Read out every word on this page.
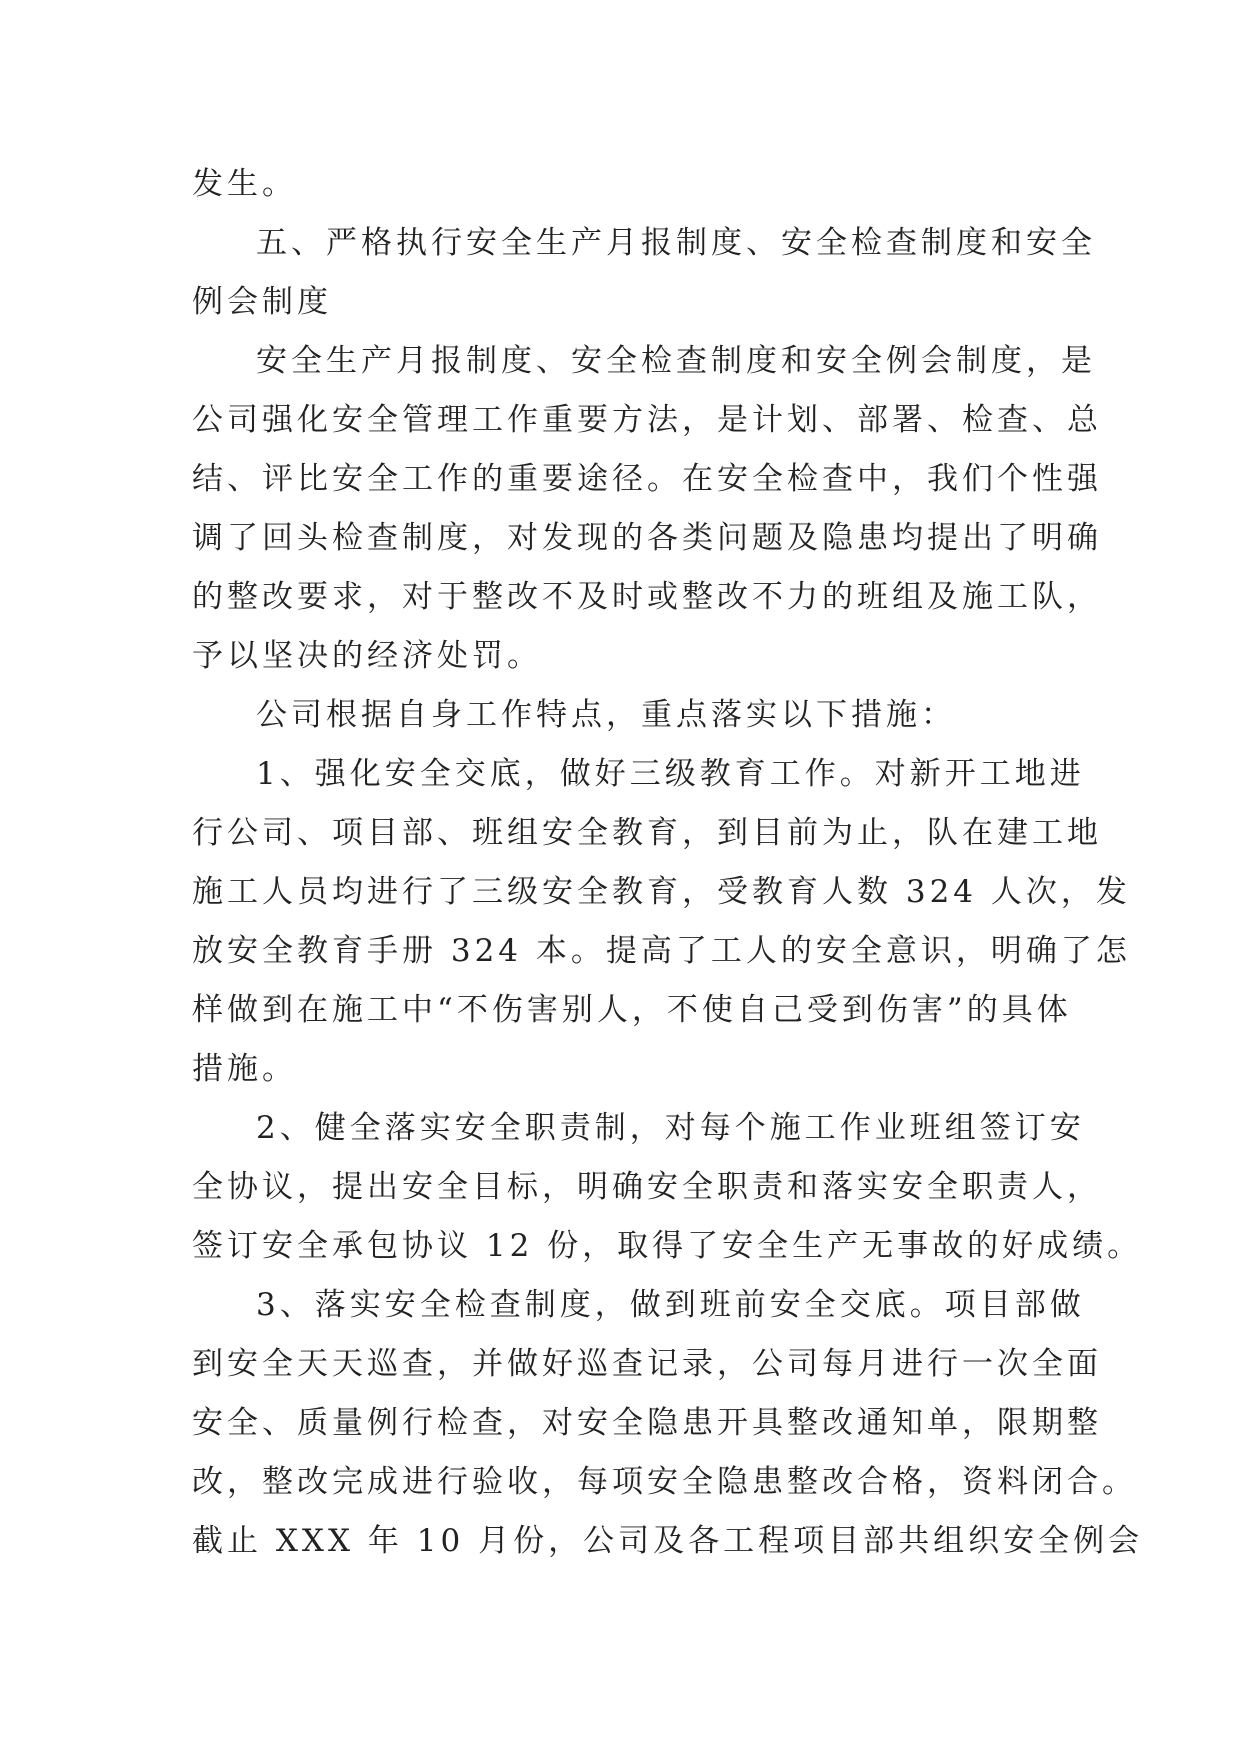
发生。
五、严格执行安全生产月报制度、安全检查制度和安全
例会制度
安全生产月报制度、安全检查制度和安全例会制度，是
公司强化安全管理工作重要方法，是计划、部署、检查、总
结、评比安全工作的重要途径。在安全检查中，我们个性强
调了回头检查制度，对发现的各类问题及隐患均提出了明确
的整改要求，对于整改不及时或整改不力的班组及施工队，
予以坚决的经济处罚。
公司根据自身工作特点，重点落实以下措施：
1、强化安全交底，做好三级教育工作。对新开工地进
行公司、项目部、班组安全教育，到目前为止，队在建工地
施工人员均进行了三级安全教育，受教育人数 324 人次，发
放安全教育手册 324 本。提高了工人的安全意识，明确了怎
样做到在施工中“不伤害别人，不使自己受到伤害”的具体
措施。
2、健全落实安全职责制，对每个施工作业班组签订安
全协议，提出安全目标，明确安全职责和落实安全职责人，
签订安全承包协议 12 份，取得了安全生产无事故的好成绩。
3、落实安全检查制度，做到班前安全交底。项目部做
到安全天天巡查，并做好巡查记录，公司每月进行一次全面
安全、质量例行检查，对安全隐患开具整改通知单，限期整
改，整改完成进行验收，每项安全隐患整改合格，资料闭合。
截止 XXX 年 10 月份，公司及各工程项目部共组织安全例会
